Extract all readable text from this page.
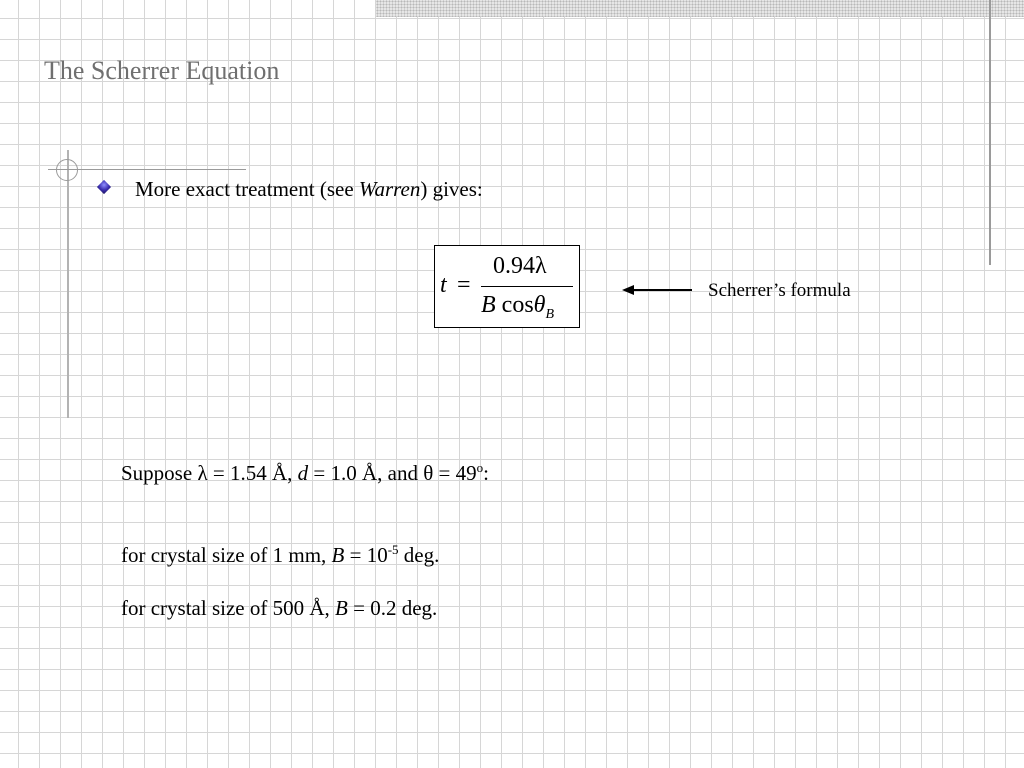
The Scherrer Equation
More exact treatment (see Warren) gives:
t =
0.94λ
B cosθ$_B$
Scherrer’s formula
Suppose λ = 1.54 Å, d = 1.0 Å, and $\theta = 49^o$:
for crystal size of 1 mm, $B = 10^{-5}$ deg.
for crystal size of 500 Å, B = 0.2 deg.
